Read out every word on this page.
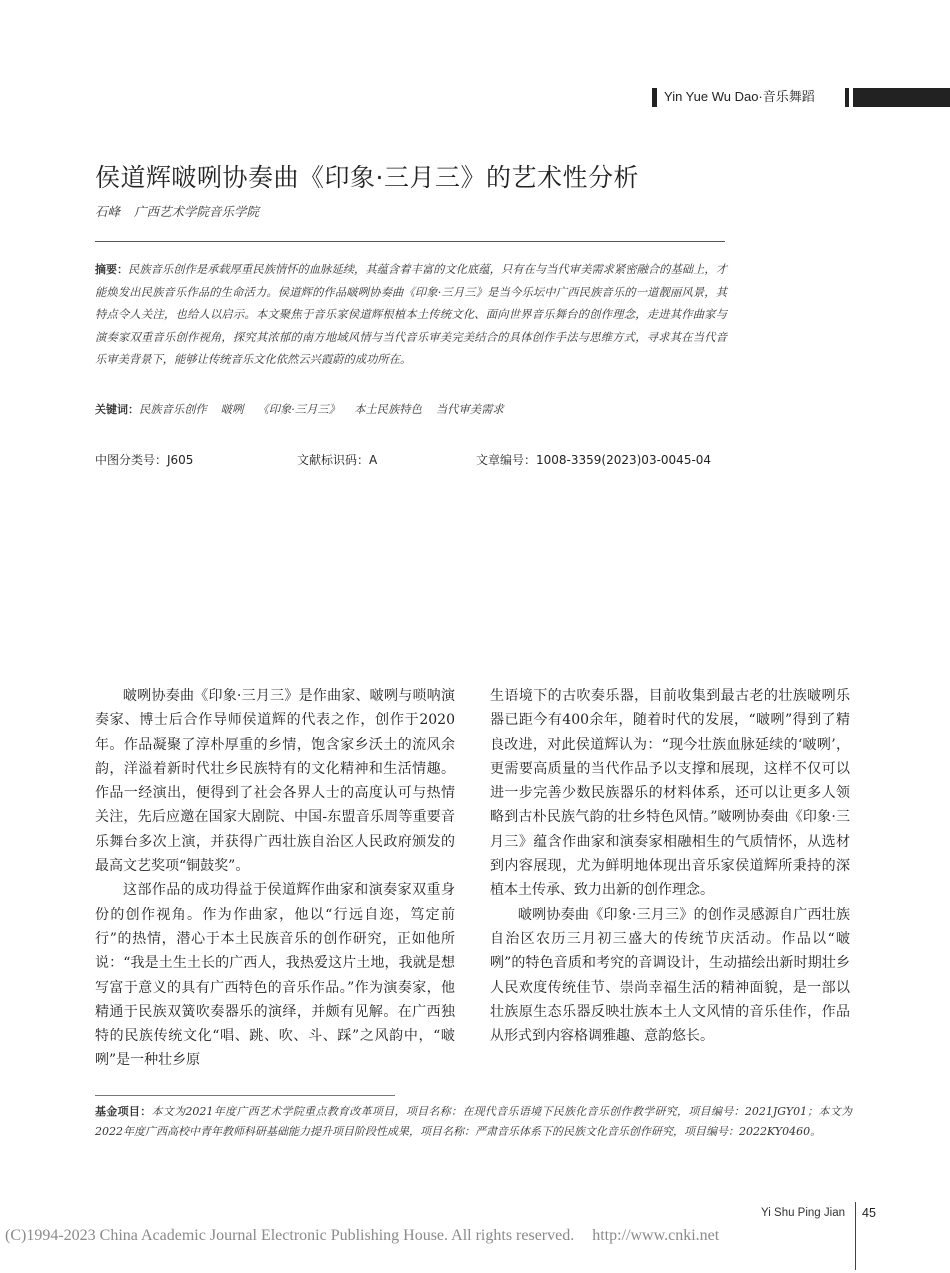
Yin Yue Wu Dao·音乐舞蹈
侯道辉啵咧协奏曲《印象·三月三》的艺术性分析
石峰 广西艺术学院音乐学院
摘要：民族音乐创作是承载厚重民族情怀的血脉延续，其蕴含着丰富的文化底蕴，只有在与当代审美需求紧密融合的基础上，才能焕发出民族音乐作品的生命活力。侯道辉的作品啵咧协奏曲《印象·三月三》是当今乐坛中广西民族音乐的一道靓丽风景，其特点令人关注，也给人以启示。本文聚焦于音乐家侯道辉根植本土传统文化、面向世界音乐舞台的创作理念，走进其作曲家与演奏家双重音乐创作视角，探究其浓郁的南方地域风情与当代音乐审美完美结合的具体创作手法与思维方式，寻求其在当代音乐审美背景下，能够让传统音乐文化依然云兴霞蔚的成功所在。
关键词：民族音乐创作 啵咧 《印象·三月三》 本土民族特色 当代审美需求
中图分类号：J605	文献标识码：A	文章编号：1008-3359(2023)03-0045-04

啵咧协奏曲《印象·三月三》是作曲家、啵咧与唢呐演奏家、博士后合作导师侯道辉的代表之作，创作于2020年。作品凝聚了淳朴厚重的乡情，饱含家乡沃土的流风余韵，洋溢着新时代壮乡民族特有的文化精神和生活情趣。作品一经演出，便得到了社会各界人士的高度认可与热情关注，先后应邀在国家大剧院、中国-东盟音乐周等重要音乐舞台多次上演，并获得广西壮族自治区人民政府颁发的最高文艺奖项“铜鼓奖”。

这部作品的成功得益于侯道辉作曲家和演奏家双重身份的创作视角。作为作曲家，他以“行远自迩，笃定前行”的热情，潜心于本土民族音乐的创作研究，正如他所说：“我是土生土长的广西人，我热爱这片土地，我就是想写富于意义的具有广西特色的音乐作品。”作为演奏家，他精通于民族双簧吹奏器乐的演绎，并颇有见解。在广西独特的民族传统文化“唱、跳、吹、斗、踩”之风韵中，“啵咧”是一种壮乡原

生语境下的古吹奏乐器，目前收集到最古老的壮族啵咧乐器已距今有400余年，随着时代的发展，“啵咧”得到了精良改进，对此侯道辉认为：“现今壮族血脉延续的‘啵咧’，更需要高质量的当代作品予以支撑和展现，这样不仅可以进一步完善少数民族器乐的材料体系，还可以让更多人领略到古朴民族气韵的壮乡特色风情。”啵咧协奏曲《印象·三月三》蕴含作曲家和演奏家相融相生的气质情怀，从选材到内容展现，尤为鲜明地体现出音乐家侯道辉所秉持的深植本土传承、致力出新的创作理念。

啵咧协奏曲《印象·三月三》的创作灵感源自广西壮族自治区农历三月初三盛大的传统节庆活动。作品以“啵咧”的特色音质和考究的音调设计，生动描绘出新时期壮乡人民欢度传统佳节、崇尚幸福生活的精神面貌，是一部以壮族原生态乐器反映壮族本土人文风情的音乐佳作，作品从形式到内容格调雅趣、意韵悠长。

基金项目：本文为2021年度广西艺术学院重点教育改革项目，项目名称：在现代音乐语境下民族化音乐创作教学研究，项目编号：2021JGY01；本文为2022年度广西高校中青年教师科研基础能力提升项目阶段性成果，项目名称：严肃音乐体系下的民族文化音乐创作研究，项目编号：2022KY0460。
Yi Shu Ping Jian 45
(C)1994-2023 China Academic Journal Electronic Publishing House. All rights reserved. http://www.cnki.net
